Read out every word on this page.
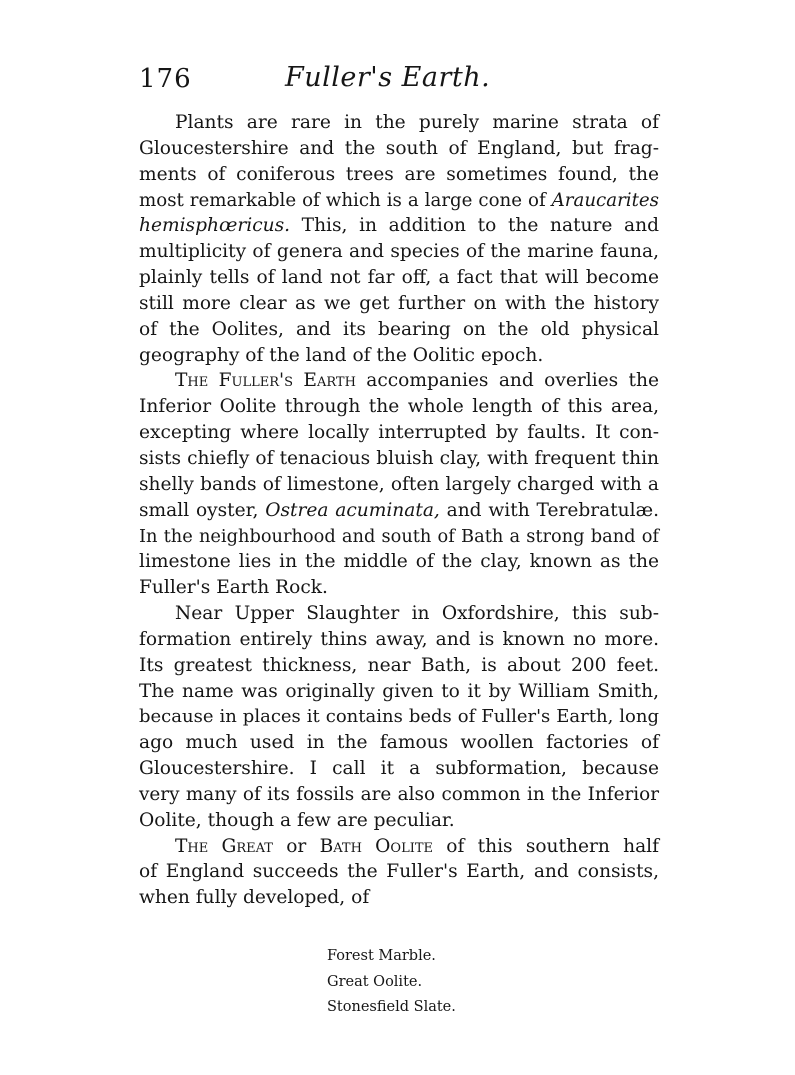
176	Fuller's Earth.
Plants are rare in the purely marine strata of
Gloucestershire and the south of England, but frag-
ments of coniferous trees are sometimes found, the
most remarkable of which is a large cone of Araucarites
hemisphœricus. This, in addition to the nature and
multiplicity of genera and species of the marine fauna,
plainly tells of land not far off, a fact that will become
still more clear as we get further on with the history
of the Oolites, and its bearing on the old physical
geography of the land of the Oolitic epoch.
The Fuller's Earth accompanies and overlies the
Inferior Oolite through the whole length of this area,
excepting where locally interrupted by faults. It con-
sists chiefly of tenacious bluish clay, with frequent thin
shelly bands of limestone, often largely charged with a
small oyster, Ostrea acuminata, and with Terebratulæ.
In the neighbourhood and south of Bath a strong band of
limestone lies in the middle of the clay, known as the
Fuller's Earth Rock.
Near Upper Slaughter in Oxfordshire, this sub-
formation entirely thins away, and is known no more.
Its greatest thickness, near Bath, is about 200 feet.
The name was originally given to it by William Smith,
because in places it contains beds of Fuller's Earth, long
ago much used in the famous woollen factories of
Gloucestershire. I call it a subformation, because
very many of its fossils are also common in the Inferior
Oolite, though a few are peculiar.
The Great or Bath Oolite of this southern half
of England succeeds the Fuller's Earth, and consists,
when fully developed, of
Forest Marble.
Great Oolite.
Stonesfield Slate.
